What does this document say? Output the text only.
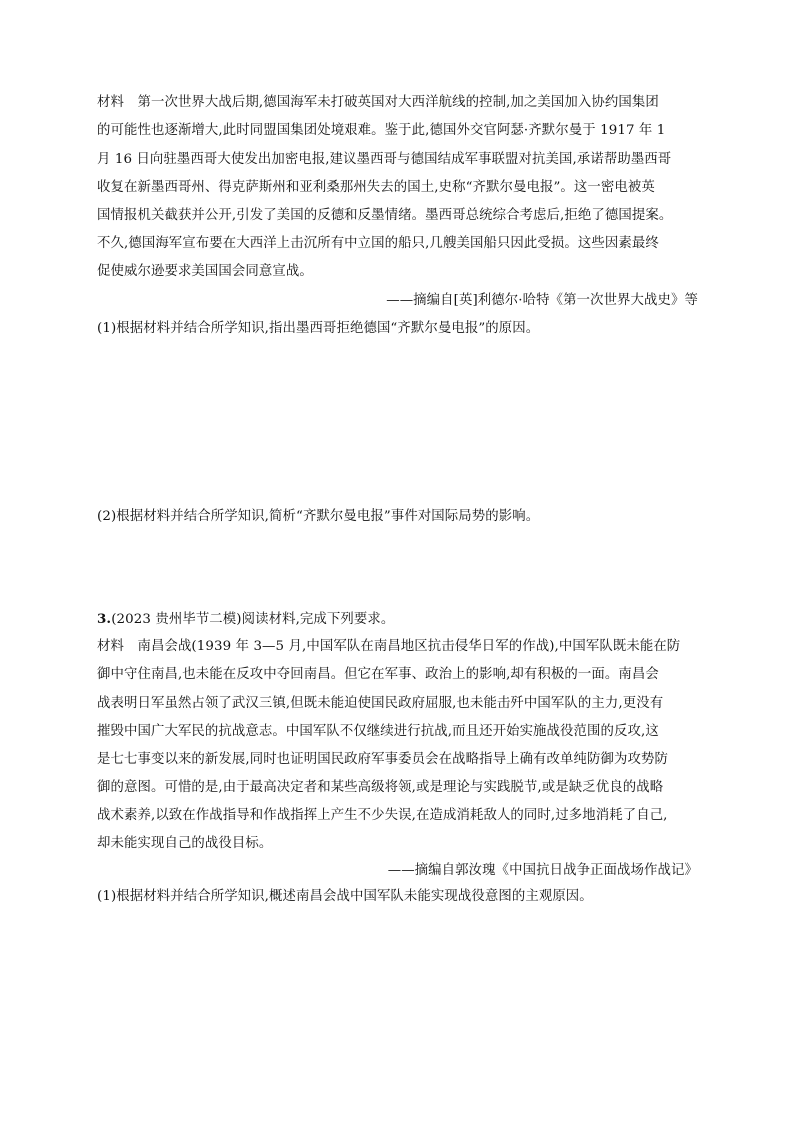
材料　第一次世界大战后期,德国海军未打破英国对大西洋航线的控制,加之美国加入协约国集团
的可能性也逐渐增大,此时同盟国集团处境艰难。鉴于此,德国外交官阿瑟·齐默尔曼于 1917 年 1
月 16 日向驻墨西哥大使发出加密电报,建议墨西哥与德国结成军事联盟对抗美国,承诺帮助墨西哥
收复在新墨西哥州、得克萨斯州和亚利桑那州失去的国土,史称“齐默尔曼电报”。这一密电被英
国情报机关截获并公开,引发了美国的反德和反墨情绪。墨西哥总统综合考虑后,拒绝了德国提案。
不久,德国海军宣布要在大西洋上击沉所有中立国的船只,几艘美国船只因此受损。这些因素最终
促使威尔逊要求美国国会同意宣战。
——摘编自[英]利德尔·哈特《第一次世界大战史》等
(1)根据材料并结合所学知识,指出墨西哥拒绝德国“齐默尔曼电报”的原因。
(2)根据材料并结合所学知识,简析“齐默尔曼电报”事件对国际局势的影响。
3.(2023 贵州毕节二模)阅读材料,完成下列要求。
材料　南昌会战(1939 年 3—5 月,中国军队在南昌地区抗击侵华日军的作战),中国军队既未能在防
御中守住南昌,也未能在反攻中夺回南昌。但它在军事、政治上的影响,却有积极的一面。南昌会
战表明日军虽然占领了武汉三镇,但既未能迫使国民政府屈服,也未能击歼中国军队的主力,更没有
摧毁中国广大军民的抗战意志。中国军队不仅继续进行抗战,而且还开始实施战役范围的反攻,这
是七七事变以来的新发展,同时也证明国民政府军事委员会在战略指导上确有改单纯防御为攻势防
御的意图。可惜的是,由于最高决定者和某些高级将领,或是理论与实践脱节,或是缺乏优良的战略
战术素养,以致在作战指导和作战指挥上产生不少失误,在造成消耗敌人的同时,过多地消耗了自己,
却未能实现自己的战役目标。
——摘编自郭汝瑰《中国抗日战争正面战场作战记》
(1)根据材料并结合所学知识,概述南昌会战中国军队未能实现战役意图的主观原因。
